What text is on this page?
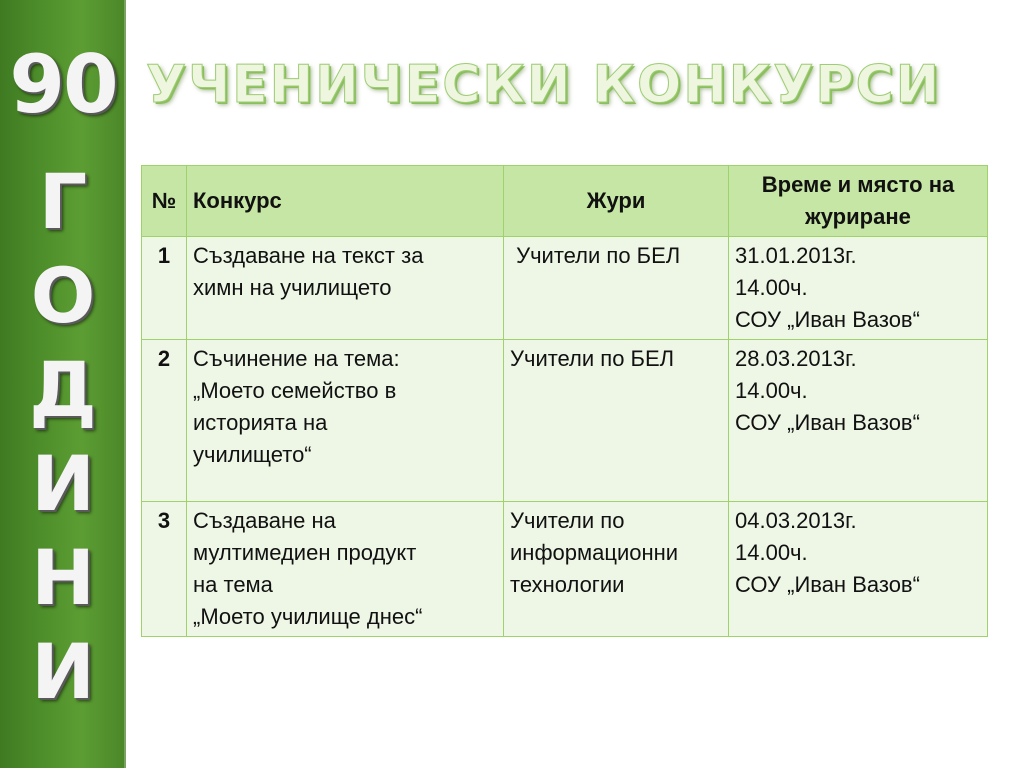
90
Г
О
Д
И
Н
И
УЧЕНИЧЕСКИ КОНКУРСИ
№	Конкурс	Жури	Време и място на
журиране

1	Създаване на текст за
химн на училището	Учители по БЕЛ	31.01.2013г.
14.00ч.
СОУ „Иван Вазов“

2	Съчинение на тема:
„Моето семейство в
историята на
училището“	Учители по БЕЛ	28.03.2013г.
14.00ч.
СОУ „Иван Вазов“

3	Създаване на
мултимедиен продукт
на тема
„Моето училище днес“	Учители по
информационни
технологии	04.03.2013г.
14.00ч.
СОУ „Иван Вазов“
